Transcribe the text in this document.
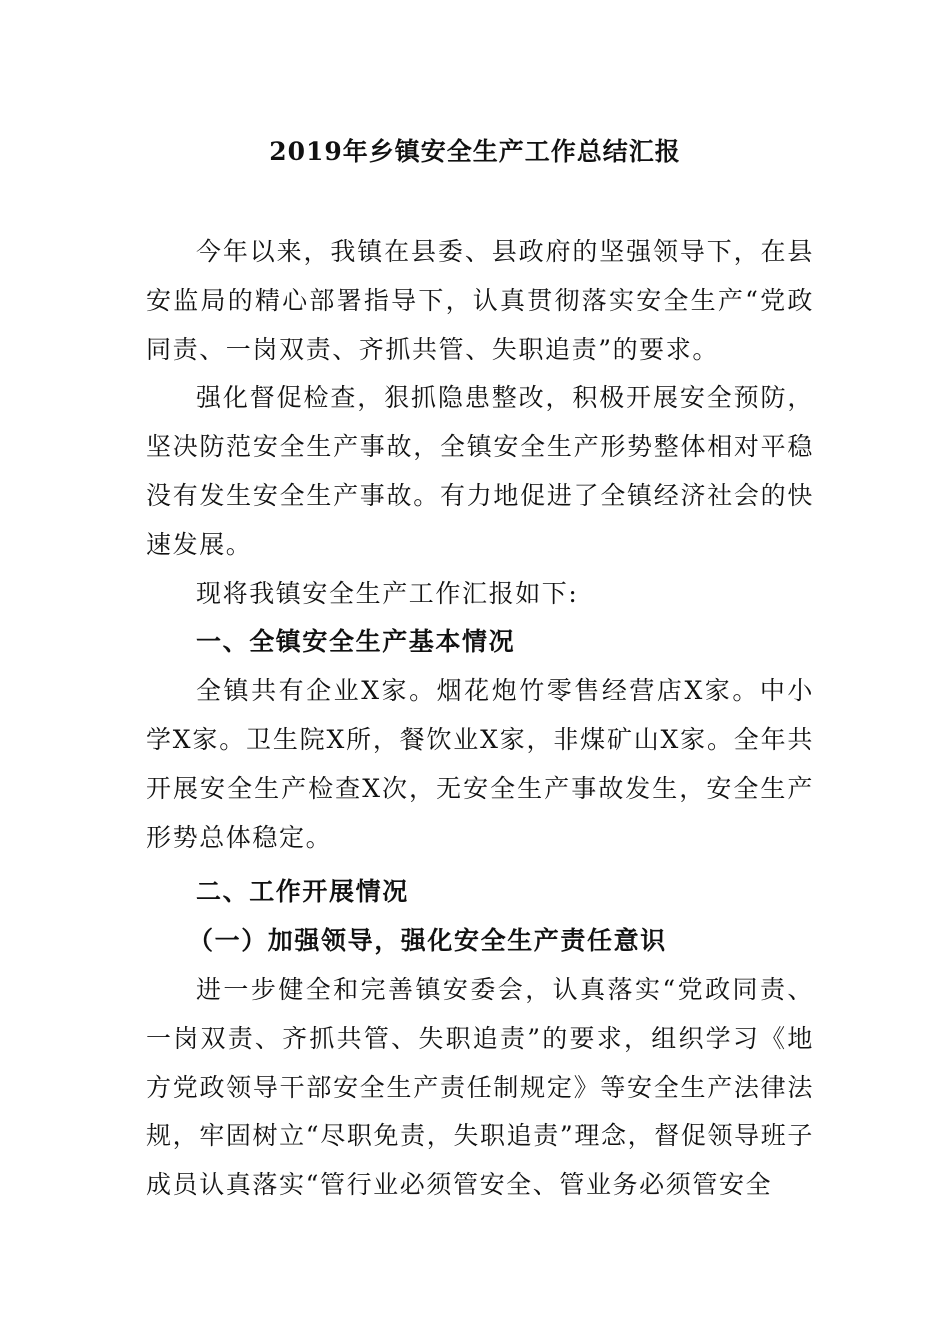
2019年乡镇安全生产工作总结汇报

今年以来，我镇在县委、县政府的坚强领导下，在县安监局的精心部署指导下，认真贯彻落实安全生产“党政同责、一岗双责、齐抓共管、失职追责”的要求。

强化督促检查，狠抓隐患整改，积极开展安全预防，坚决防范安全生产事故，全镇安全生产形势整体相对平稳没有发生安全生产事故。有力地促进了全镇经济社会的快速发展。

现将我镇安全生产工作汇报如下:

一、全镇安全生产基本情况

全镇共有企业X家。烟花炮竹零售经营店X家。中小学X家。卫生院X所，餐饮业X家，非煤矿山X家。全年共开展安全生产检查X次，无安全生产事故发生，安全生产形势总体稳定。

二、工作开展情况

（一）加强领导，强化安全生产责任意识

进一步健全和完善镇安委会，认真落实“党政同责、一岗双责、齐抓共管、失职追责”的要求，组织学习《地方党政领导干部安全生产责任制规定》等安全生产法律法规，牢固树立“尽职免责，失职追责”理念，督促领导班子成员认真落实“管行业必须管安全、管业务必须管安全
